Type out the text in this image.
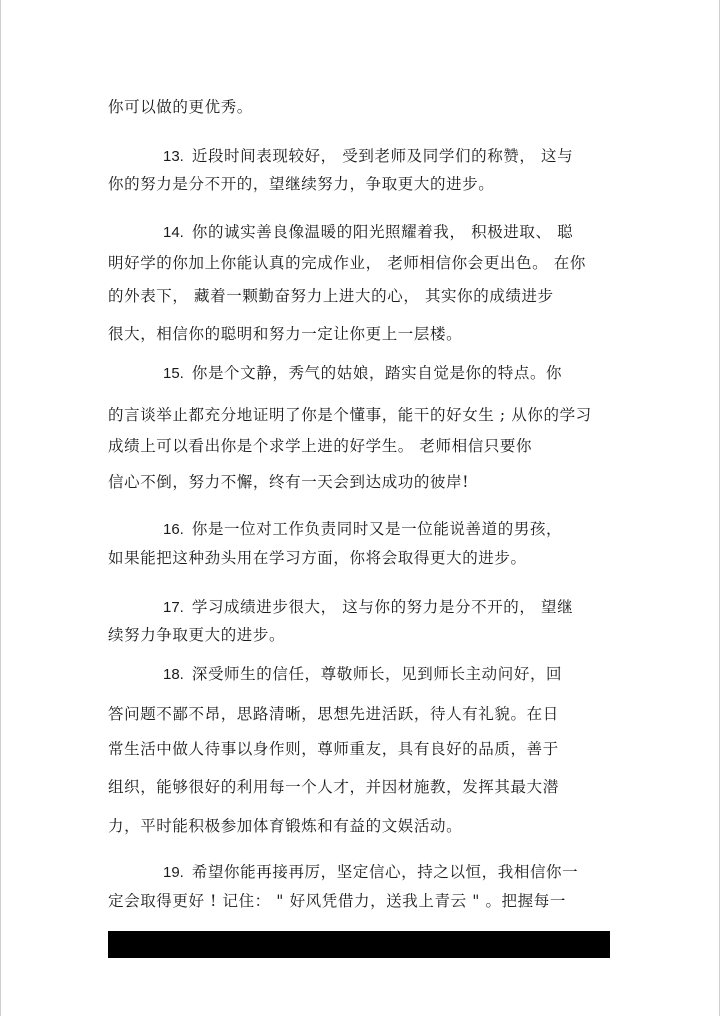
你可以做的更优秀。
13. 近段时间表现较好， 受到老师及同学们的称赞， 这与
你的努力是分不开的，望继续努力，争取更大的进步。
14. 你的诚实善良像温暖的阳光照耀着我， 积极进取、 聪
明好学的你加上你能认真的完成作业， 老师相信你会更出色。 在你
的外表下， 藏着一颗勤奋努力上进大的心， 其实你的成绩进步
很大，相信你的聪明和努力一定让你更上一层楼。
15. 你是个文静，秀气的姑娘，踏实自觉是你的特点。你
的言谈举止都充分地证明了你是个懂事，能干的好女生 ; 从你的学习
成绩上可以看出你是个求学上进的好学生。 老师相信只要你
信心不倒，努力不懈，终有一天会到达成功的彼岸!
16. 你是一位对工作负责同时又是一位能说善道的男孩，
如果能把这种劲头用在学习方面，你将会取得更大的进步。
17. 学习成绩进步很大， 这与你的努力是分不开的， 望继
续努力争取更大的进步。
18. 深受师生的信任，尊敬师长，见到师长主动问好，回
答问题不鄙不昂，思路清晰，思想先进活跃，待人有礼貌。在日
常生活中做人待事以身作则，尊师重友，具有良好的品质，善于
组织，能够很好的利用每一个人才，并因材施教，发挥其最大潜
力，平时能积极参加体育锻炼和有益的文娱活动。
19. 希望你能再接再厉，坚定信心，持之以恒，我相信你一
定会取得更好 ! 记住： " 好风凭借力，送我上青云 " 。把握每一
